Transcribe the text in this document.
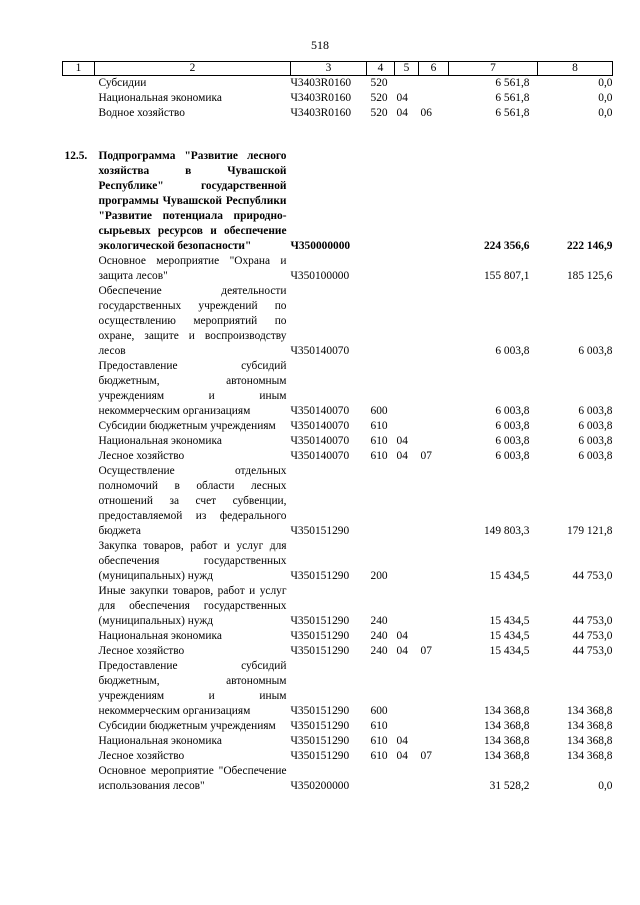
518
1	2	3	4	5	6	7	8
	Субсидии	Ч3403R0160	520			6 561,8	0,0
	Национальная экономика	Ч3403R0160	520	04		6 561,8	0,0
	Водное хозяйство	Ч3403R0160	520	04	06	6 561,8	0,0

12.5.	Подпрограмма "Развитие лесного хозяйства в Чувашской Республике" государственной программы Чувашской Республики "Развитие потенциала природно-сырьевых ресурсов и обеспечение экологической безопасности"	Ч350000000				224 356,6	222 146,9
	Основное мероприятие "Охрана и защита лесов"	Ч350100000				155 807,1	185 125,6
	Обеспечение деятельности государственных учреждений по осуществлению мероприятий по охране, защите и воспроизводству лесов	Ч350140070				6 003,8	6 003,8
	Предоставление субсидий бюджетным, автономным учреждениям и иным некоммерческим организациям	Ч350140070	600			6 003,8	6 003,8
	Субсидии бюджетным учреждениям	Ч350140070	610			6 003,8	6 003,8
	Национальная экономика	Ч350140070	610	04		6 003,8	6 003,8
	Лесное хозяйство	Ч350140070	610	04	07	6 003,8	6 003,8
	Осуществление отдельных полномочий в области лесных отношений за счет субвенции, предоставляемой из федерального бюджета	Ч350151290				149 803,3	179 121,8
	Закупка товаров, работ и услуг для обеспечения государственных (муниципальных) нужд	Ч350151290	200			15 434,5	44 753,0
	Иные закупки товаров, работ и услуг для обеспечения государственных (муниципальных) нужд	Ч350151290	240			15 434,5	44 753,0
	Национальная экономика	Ч350151290	240	04		15 434,5	44 753,0
	Лесное хозяйство	Ч350151290	240	04	07	15 434,5	44 753,0
	Предоставление субсидий бюджетным, автономным учреждениям и иным некоммерческим организациям	Ч350151290	600			134 368,8	134 368,8
	Субсидии бюджетным учреждениям	Ч350151290	610			134 368,8	134 368,8
	Национальная экономика	Ч350151290	610	04		134 368,8	134 368,8
	Лесное хозяйство	Ч350151290	610	04	07	134 368,8	134 368,8
	Основное мероприятие "Обеспечение использования лесов"	Ч350200000				31 528,2	0,0
